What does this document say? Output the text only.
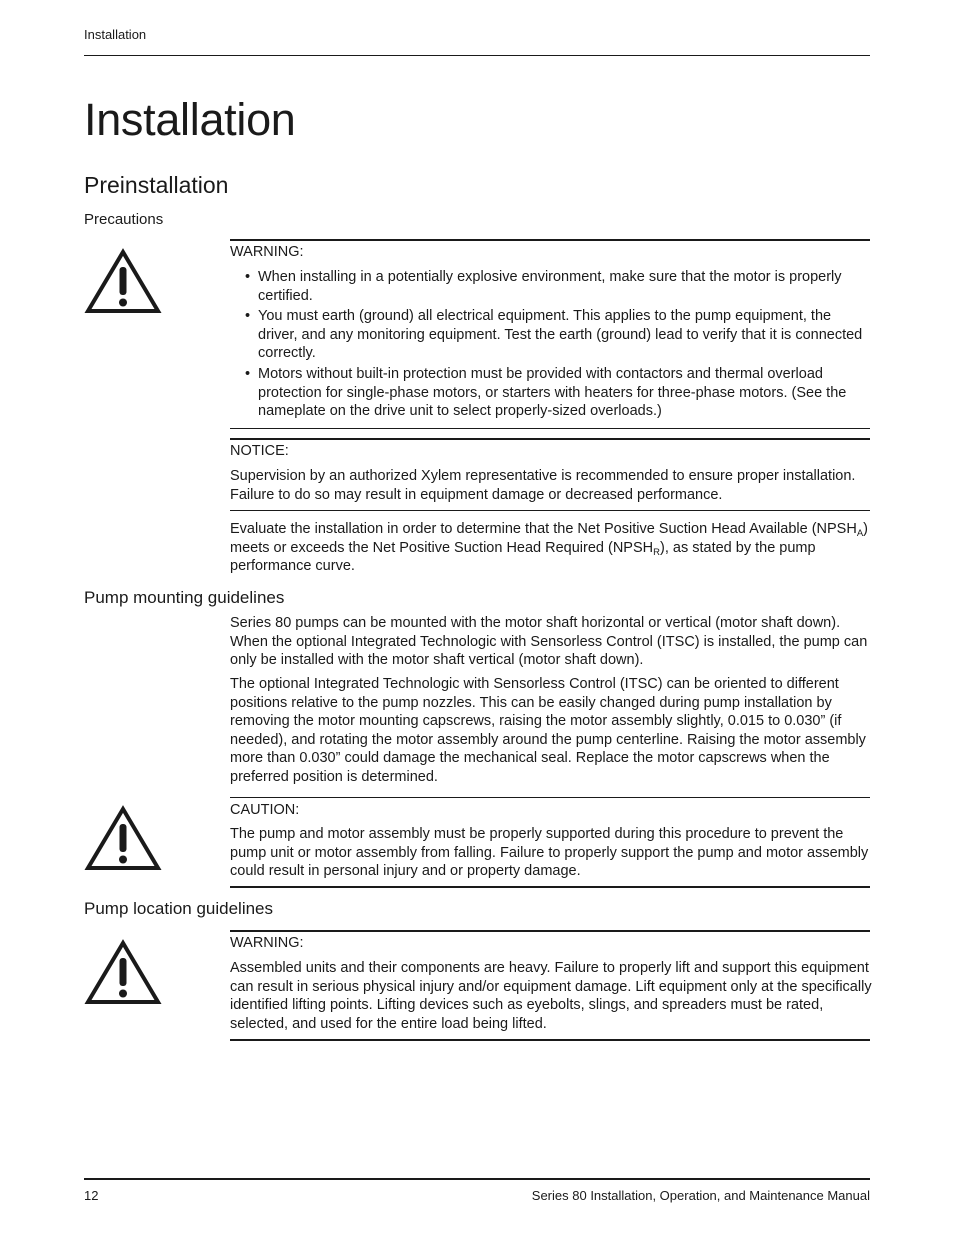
Installation
Installation
Preinstallation
Precautions
WARNING:
• When installing in a potentially explosive environment, make sure that the motor is properly certified.
• You must earth (ground) all electrical equipment. This applies to the pump equipment, the driver, and any monitoring equipment. Test the earth (ground) lead to verify that it is connected correctly.
• Motors without built-in protection must be provided with contactors and thermal overload protection for single-phase motors, or starters with heaters for three-phase motors. (See the nameplate on the drive unit to select properly-sized overloads.)
NOTICE:
Supervision by an authorized Xylem representative is recommended to ensure proper installation. Failure to do so may result in equipment damage or decreased performance.
Evaluate the installation in order to determine that the Net Positive Suction Head Available $(NPSH_A)$ meets or exceeds the Net Positive Suction Head Required $(NPSH_R)$, as stated by the pump performance curve.
Pump mounting guidelines
Series 80 pumps can be mounted with the motor shaft horizontal or vertical (motor shaft down). When the optional Integrated Technologic with Sensorless Control (ITSC) is installed, the pump can only be installed with the motor shaft vertical (motor shaft down).
The optional Integrated Technologic with Sensorless Control (ITSC) can be oriented to different positions relative to the pump nozzles. This can be easily changed during pump installation by removing the motor mounting capscrews, raising the motor assembly slightly, 0.015 to 0.030” (if needed), and rotating the motor assembly around the pump centerline. Raising the motor assembly more than 0.030” could damage the mechanical seal. Replace the motor capscrews when the preferred position is determined.
CAUTION:
The pump and motor assembly must be properly supported during this procedure to prevent the pump unit or motor assembly from falling. Failure to properly support the pump and motor assembly could result in personal injury and or property damage.
Pump location guidelines
WARNING:
Assembled units and their components are heavy. Failure to properly lift and support this equipment can result in serious physical injury and/or equipment damage. Lift equipment only at the specifically identified lifting points. Lifting devices such as eyebolts, slings, and spreaders must be rated, selected, and used for the entire load being lifted.
12	Series 80 Installation, Operation, and Maintenance Manual
